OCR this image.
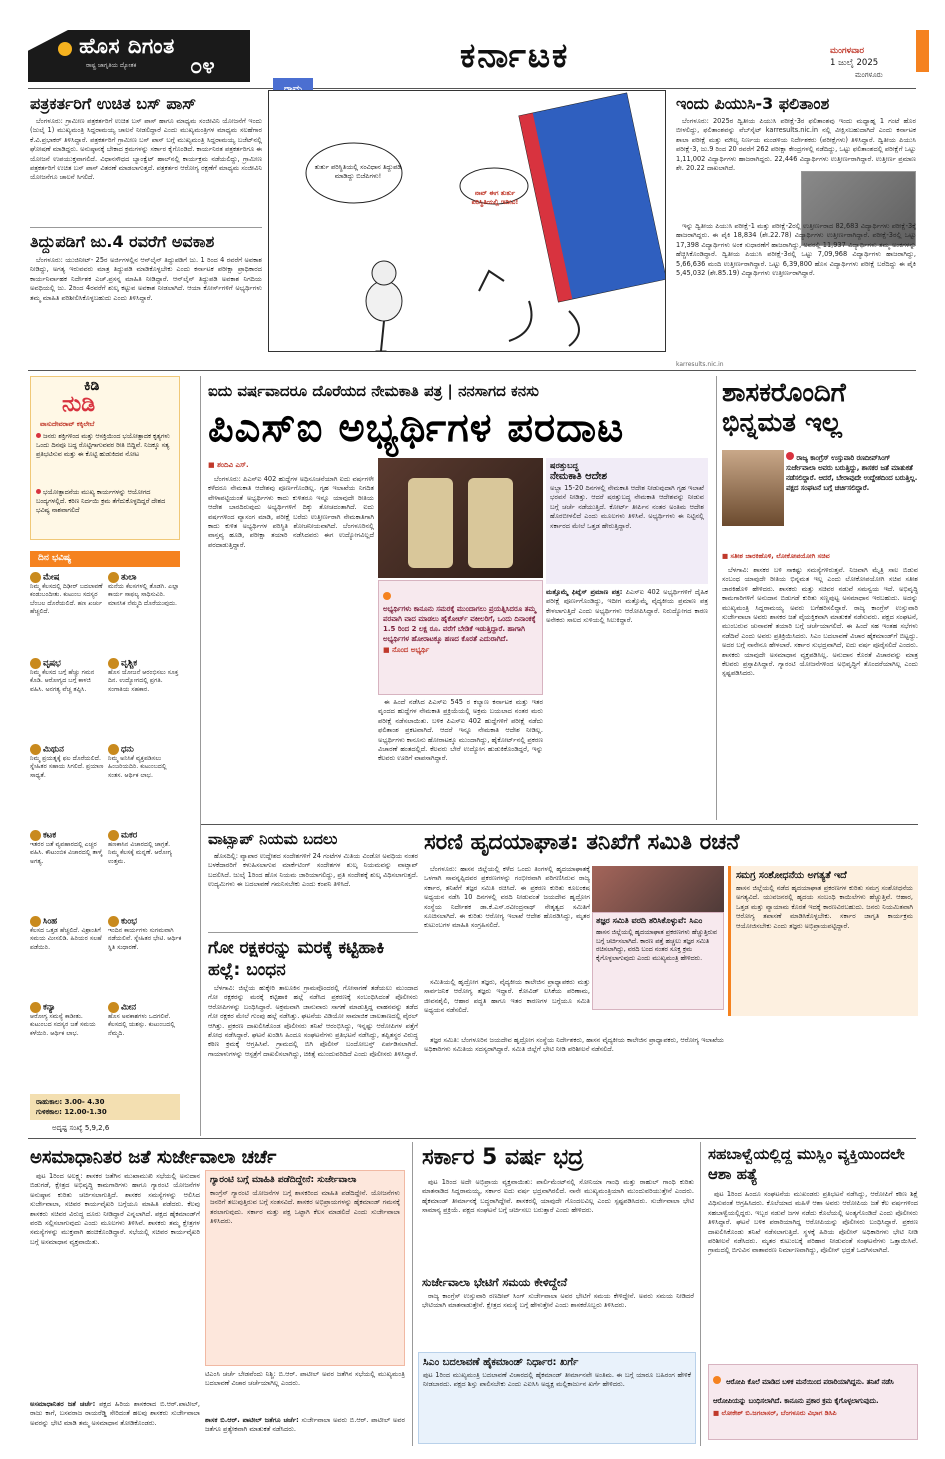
ಹೊಸ ದಿಗಂತ
ರಾಷ್ಟ್ರ ಜಾಗೃತಿಯ ದ್ಯೋತಕ ೦೪	ಕರ್ನಾಟಕ	ಮಂಗಳವಾರ
1 ಜುಲೈ 2025
ಮಂಗಳೂರು
ಪತ್ರಕರ್ತರಿಗೆ ಉಚಿತ ಬಸ್ ಪಾಸ್

ಬೆಂಗಳೂರು: ಗ್ರಾಮೀಣ ಪತ್ರಕರ್ತರಿಗೆ ಉಚಿತ ಬಸ್ ಪಾಸ್ ಹಾಗೂ ಮಾಧ್ಯಮ ಸಂಜೀವಿನಿ ಯೋಜನೆಗೆ ಇಂದು (ಜುಲೈ 1) ಮುಖ್ಯಮಂತ್ರಿ ಸಿದ್ದರಾಮಯ್ಯ ಚಾಲನೆ ನೀಡಲಿದ್ದಾರೆ ಎಂದು ಮುಖ್ಯಮಂತ್ರಿಗಳ ಮಾಧ್ಯಮ ಸಲಹೆಗಾರ ಕೆ.ವಿ.ಪ್ರಭಾಕರ್ ತಿಳಿಸಿದ್ದಾರೆ. ಪತ್ರಕರ್ತರಿಗೆ ಗ್ರಾಮೀಣ ಬಸ್ ಪಾಸ್ ಬಗ್ಗೆ ಮುಖ್ಯಮಂತ್ರಿ ಸಿದ್ದರಾಮಯ್ಯ ಬಜೆಟ್‌ನಲ್ಲಿ ಘೋಷಣೆ ಮಾಡಿದ್ದರು. ಅನುಷ್ಠಾನಕ್ಕೆ ಬೇಕಾದ ಕ್ರಮಗಳನ್ನು ಸರ್ಕಾರ ಕೈಗೊಂಡಿದೆ. ಕಾರ್ಯನಿರತ ಪತ್ರಕರ್ತರಿಗೂ ಈ ಯೋಜನೆ ಉಪಯುಕ್ತವಾಗಲಿದೆ. ವಿಧಾನಸೌಧದ ಬ್ಯಾಂಕ್ವೆಟ್ ಹಾಲ್‌ನಲ್ಲಿ ಕಾರ್ಯಕ್ರಮ ನಡೆಯಲಿದ್ದು, ಗ್ರಾಮೀಣ ಪತ್ರಕರ್ತರಿಗೆ ಉಚಿತ ಬಸ್ ಪಾಸ್ ವಿತರಣೆ ಮಾಡಲಾಗುತ್ತದೆ. ಪತ್ರಕರ್ತರ ಆರೋಗ್ಯ ರಕ್ಷಣೆಗೆ ಮಾಧ್ಯಮ ಸಂಜೀವಿನಿ ಯೋಜನೆಗೂ ಚಾಲನೆ ಸಿಗಲಿದೆ.

ತಿದ್ದುಪಡಿಗೆ ಜು.4 ರವರೆಗೆ ಅವಕಾಶ

ಬೆಂಗಳೂರು: ಯುಜಿನೀಟ್- 25ರ ಅರ್ಜಿಗಳಲ್ಲಿನ ಆನ್‌ಲೈನ್ ತಿದ್ದುಪಡಿಗೆ ಜು. 1 ರಿಂದ 4 ರವರೆಗೆ ಅವಕಾಶ ನೀಡಿದ್ದು, ಅಗತ್ಯ ಇರುವವರು ಮಾತ್ರ ತಿದ್ದುಪಡಿ ಮಾಡಿಕೊಳ್ಳಬೇಕು ಎಂದು ಕರ್ನಾಟಕ ಪರೀಕ್ಷಾ ಪ್ರಾಧಿಕಾರದ ಕಾರ್ಯನಿರ್ವಾಹಕ ನಿರ್ದೇಶಕ ಎಚ್.ಪ್ರಸನ್ನ ಮಾಹಿತಿ ನೀಡಿದ್ದಾರೆ. ಆನ್‌ಲೈನ್ ತಿದ್ದುಪಡಿ ಅವಕಾಶ ನಿಗದಿಯ ಅವಧಿಯಲ್ಲಿ ಜು. 2ರಿಂದ 4ರವರೆಗೆ ಶುಲ್ಕ ಕಟ್ಟುವ ಅವಕಾಶ ನೀಡಲಾಗಿದೆ. ಆಯಾ ಕೋರ್ಸ್‌ಗಳಿಗೆ ಅಭ್ಯರ್ಥಿಗಳು ತಮ್ಮ ಮಾಹಿತಿ ಪರಿಶೀಲಿಸಿಕೊಳ್ಳಬಹುದು ಎಂದು ತಿಳಿಸಿದ್ದಾರೆ.

ತುರ್ತು ಪರಿಸ್ಥಿತಿಯಲ್ಲಿ ಸಂವಿಧಾನ ತಿದ್ದುಪಡಿ ಮಾಡಿದ್ದು ಬಿಜೆಪಿಗಳು!
ನಾವ್ ಈಗ ತುರ್ತು ಪರಿಸ್ಥಿತಿಯಲ್ಲಿ ಇದೀವಿ!
ಇಂದು ಪಿಯುಸಿ-3 ಫಲಿತಾಂಶ

ಬೆಂಗಳೂರು: 2025ರ ದ್ವಿತೀಯ ಪಿಯುಸಿ ಪರೀಕ್ಷೆ-3ರ ಫಲಿತಾಂಶವು ಇಂದು ಮಧ್ಯಾಹ್ನ 1 ಗಂಟೆ ಹೊರ ಬೀಳಲಿದ್ದು, ಫಲಿತಾಂಶವನ್ನು ವೆಬ್‌ಸೈಟ್ karresults.nic.in ನಲ್ಲಿ ವೀಕ್ಷಿಸಬಹುದಾಗಿದೆ ಎಂದು ಕರ್ನಾಟಕ ಶಾಲಾ ಪರೀಕ್ಷೆ ಮತ್ತು ಮೌಲ್ಯ ನಿರ್ಣಯ ಮಂಡಳಿಯ ನಿರ್ದೇಶಕರು (ಪರೀಕ್ಷೆಗಳು) ತಿಳಿಸಿದ್ದಾರೆ. ದ್ವಿತೀಯ ಪಿಯುಸಿ ಪರೀಕ್ಷೆ-3, ಜು.9 ರಿಂದ 20 ರವರೆಗೆ 262 ಪರೀಕ್ಷಾ ಕೇಂದ್ರಗಳಲ್ಲಿ ನಡೆದಿದ್ದು, ಒಟ್ಟು ಫಲಿತಾಂಶದಲ್ಲಿ ಪರೀಕ್ಷೆಗೆ ಒಟ್ಟು 1,11,002 ವಿದ್ಯಾರ್ಥಿಗಳು ಹಾಜರಾಗಿದ್ದರು. 22,446 ವಿದ್ಯಾರ್ಥಿಗಳು ಉತ್ತೀರ್ಣರಾಗಿದ್ದಾರೆ. ಉತ್ತೀರ್ಣ ಪ್ರಮಾಣ ಶೇ. 20.22 ದಾಖಲಾಗಿದೆ.

ಇನ್ನು ದ್ವಿತೀಯ ಪಿಯುಸಿ ಪರೀಕ್ಷೆ-1 ಮತ್ತು ಪರೀಕ್ಷೆ-2ರಲ್ಲಿ ಉತ್ತೀರ್ಣರಾದ 82,683 ವಿದ್ಯಾರ್ಥಿಗಳು ಪರೀಕ್ಷೆ-3ಕ್ಕೆ ಹಾಜರಾಗಿದ್ದರು. ಈ ಪೈಕಿ 18,834 (ಶೇ.22.78) ವಿದ್ಯಾರ್ಥಿಗಳು ಉತ್ತೀರ್ಣರಾಗಿದ್ದಾರೆ. ಪರೀಕ್ಷೆ-3ರಲ್ಲಿ ಒಟ್ಟು 17,398 ವಿದ್ಯಾರ್ಥಿಗಳು ಅಂಕ ಸುಧಾರಣೆಗೆ ಹಾಜರಾಗಿದ್ದು, ಅವರಲ್ಲಿ 11,937 ವಿದ್ಯಾರ್ಥಿಗಳು ತಮ್ಮ ಅಂಕಗಳನ್ನು ಹೆಚ್ಚಿಸಿಕೊಂಡಿದ್ದಾರೆ. ದ್ವಿತೀಯ ಪಿಯುಸಿ ಪರೀಕ್ಷೆ-3ರಲ್ಲಿ ಒಟ್ಟು 7,09,968 ವಿದ್ಯಾರ್ಥಿಗಳು ಹಾಜರಾಗಿದ್ದು, 5,66,636 ಮಂದಿ ಉತ್ತೀರ್ಣರಾಗಿದ್ದಾರೆ. ಒಟ್ಟು 6,39,800 ಹೊಸ ವಿದ್ಯಾರ್ಥಿಗಳು ಪರೀಕ್ಷೆ ಬರೆದಿದ್ದು ಈ ಪೈಕಿ 5,45,032 (ಶೇ.85.19) ವಿದ್ಯಾರ್ಥಿಗಳು ಉತ್ತೀರ್ಣರಾಗಿದ್ದಾರೆ.

karresults.nic.in
ಕಿಡಿ
ನುಡಿ
ವಾಸುದೇವರಾವ್ ಕಕ್ಕಿಲೇಬೆ
ಜನರು ಶಕ್ತಿಗಳಿಂದ ಮತ್ತು ಆಸಕ್ತಿಯಿಂದ ಭಯೋತ್ಪಾದಕ ಕೃತ್ಯಗಳು ಒಂದು ದಿನವೂ ಬದ್ಧ ರೊಟ್ಟಿಗಾಗುವವರ ರೀತಿ ಬಿದ್ದಿವೆ. ನಿಜಕ್ಕೂ ಸತ್ಯ ಪ್ರತಿಭಟಿಸುವ ಮತ್ತು ಈ ಕೊಟ್ಟಿ ಹುಡುಕಿದವ ನೋಟ
ಭಯೋತ್ಪಾದನೆಯ ಮುಖ್ಯ ಕಾರ್ಯಗಳನ್ನು ಆಯೋಗದ ಬಂದ್ಯಗಳಲ್ಲಿದೆ. ಕಠಿಣ ನಿರ್ದಯಿ ಕ್ರಮ ತೆಗೆದುಕೊಳ್ಳದಿದ್ದರೆ ದೇಶದ ಭವಿಷ್ಯ ನಾಶವಾಗಲಿದೆ
ದಿನ ಭವಿಷ್ಯ
ಮೇಷ
ನಿಮ್ಮ ಕೆಲಸದಲ್ಲಿ ದಿಢೀರ್ ಬದಲಾವಣೆ ಕಂಡುಬಂದೀತು. ಕುಟುಂಬ ಸದಸ್ಯರ ಬೆಂಬಲ ದೊರೆಯಲಿದೆ. ಹಣ ಖರ್ಚು ಹೆಚ್ಚಲಿದೆ.
ತುಲಾ
ಮನೆಯ ಕೆಲಸಗಳಲ್ಲಿ ತೊಡಗಿ. ಎಲ್ಲಾ ಕಾರ್ಯ ಸಾಫಲ್ಯ ಸಾಧಿಸುವಿರಿ. ಮಾನಸಿಕ ನೆಮ್ಮದಿ ದೊರೆಯುವುದು.
ವೃಷಭ
ನಿಮ್ಮ ಕೆಲಸದ ಬಗ್ಗೆ ಹೆಚ್ಚು ಗಮನ ಕೊಡಿ. ಆರೋಗ್ಯದ ಬಗ್ಗೆ ಕಾಳಜಿ ವಹಿಸಿ. ಅನಗತ್ಯ ವೆಚ್ಚ ತಪ್ಪಿಸಿ.
ವೃಶ್ಚಿಕ
ಹೊಸ ಯೋಜನೆ ಆರಂಭಿಸಲು ಸೂಕ್ತ ದಿನ. ಉದ್ಯೋಗದಲ್ಲಿ ಪ್ರಗತಿ. ಸಂಗಾತಿಯ ಸಹಕಾರ.
ಮಿಥುನ
ನಿಮ್ಮ ಪ್ರಯತ್ನಕ್ಕೆ ಫಲ ದೊರೆಯಲಿದೆ. ಸ್ನೇಹಿತರ ಸಹಾಯ ಸಿಗಲಿದೆ. ಪ್ರಯಾಣ ಸಾಧ್ಯತೆ.
ಧನು
ನಿಮ್ಮ ಅನಿಸಿಕೆ ವ್ಯಕ್ತಪಡಿಸಲು ಹಿಂಜರಿಯದಿರಿ. ಕುಟುಂಬದಲ್ಲಿ ಸಂತಸ. ಆರ್ಥಿಕ ಲಾಭ.
ಕಟಕ
ಇತರರ ಜತೆ ವ್ಯವಹಾರದಲ್ಲಿ ಎಚ್ಚರ ವಹಿಸಿ. ಕೌಟುಂಬಿಕ ವಿಚಾರದಲ್ಲಿ ತಾಳ್ಮೆ ಅಗತ್ಯ.
ಮಕರ
ಹಣಕಾಸಿನ ವಿಚಾರದಲ್ಲಿ ಜಾಗ್ರತೆ. ನಿಮ್ಮ ಕೆಲಸಕ್ಕೆ ಮನ್ನಣೆ. ಆರೋಗ್ಯ ಉತ್ತಮ.
ಸಿಂಹ
ಕೆಲಸದ ಒತ್ತಡ ಹೆಚ್ಚಲಿದೆ. ವಿಶ್ರಾಂತಿಗೆ ಸಮಯ ಮೀಸಲಿಡಿ. ಹಿರಿಯರ ಸಲಹೆ ಪಡೆಯಿರಿ.
ಕುಂಭ
ಇಂದಿನ ಕಾರ್ಯಗಳು ಸುಗಮವಾಗಿ ನಡೆಯಲಿವೆ. ಸ್ನೇಹಿತರ ಭೇಟಿ. ಆರ್ಥಿಕ ಸ್ಥಿತಿ ಸುಧಾರಣೆ.
ಕನ್ಯಾ
ಆರೋಗ್ಯ ಸಮಸ್ಯೆ ಕಾಡೀತು. ಕುಟುಂಬದ ಸದಸ್ಯರ ಜತೆ ಸಮಯ ಕಳೆಯಿರಿ. ಆರ್ಥಿಕ ಲಾಭ.
ಮೀನ
ಹೊಸ ಅವಕಾಶಗಳು ಒದಗಲಿವೆ. ಕೆಲಸದಲ್ಲಿ ಯಶಸ್ಸು. ಕುಟುಂಬದಲ್ಲಿ ನೆಮ್ಮದಿ.
ರಾಹುಕಾಲ: 3.00- 4.30
ಗುಳಿಕಕಾಲ: 12.00-1.30
ಅದೃಷ್ಟ ಸಂಖ್ಯೆ 5,9,2,6
ಐದು ವರ್ಷವಾದರೂ ದೊರೆಯದ ನೇಮಕಾತಿ ಪತ್ರ | ನನಸಾಗದ ಕನಸು
ಪಿಎಸ್ಐ ಅಭ್ಯರ್ಥಿಗಳ ಪರದಾಟ
■ ಶಂದಿವಿ ಎಸ್.

ಬೆಂಗಳೂರು: ಪಿಎಸ್ಐ 402 ಹುದ್ದೆಗಳ ಅಧಿಸೂಚನೆಯಾಗಿ ಐದು ವರ್ಷಗಳೇ ಕಳೆದರೂ ನೇಮಕಾತಿ ಆದೇಶವು ಪೂರ್ಣಗೊಂಡಿಲ್ಲ. ಗೃಹ ಇಲಾಖೆಯ ನಿಗದಿತ ವೇಳಾಪಟ್ಟಿಯಂತೆ ಅಭ್ಯರ್ಥಿಗಳು ಕಾದು ಕುಳಿತರೂ ಇನ್ನೂ ಯಾವುದೇ ರೀತಿಯ ಆದೇಶ ಬಾರದಿರುವುದು ಅಭ್ಯರ್ಥಿಗಳಿಗೆ ದಿಕ್ಕು ತೋಚದಂತಾಗಿದೆ. ಐದು ವರ್ಷಗಳಿಂದ ವ್ಯಾಸಂಗ ಮಾಡಿ, ಪರೀಕ್ಷೆ ಬರೆದು ಉತ್ತೀರ್ಣರಾಗಿ ನೇಮಕಾತಿಗಾಗಿ ಕಾದು ಕುಳಿತ ಅಭ್ಯರ್ಥಿಗಳ ಪರಿಸ್ಥಿತಿ ಶೋಚನೀಯವಾಗಿದೆ. ಬೆಂಗಳೂರಿನಲ್ಲಿ ವಾಸ್ತವ್ಯ ಹೂಡಿ, ಪರೀಕ್ಷಾ ತಯಾರಿ ನಡೆಸಿದವರು ಈಗ ಉದ್ಯೋಗವಿಲ್ಲದೆ ಪರದಾಡುತ್ತಿದ್ದಾರೆ.

ಅಭ್ಯರ್ಥಿಗಳು ಕಾನೂನು ಸಮರಕ್ಕೆ ಮುಂದಾಗಲು ಪ್ರಯತ್ನಿಸಿದರೂ ತಮ್ಮ ಪರವಾಗಿ ವಾದ ಮಾಡಲು ಹೈಕೋರ್ಟ್ ವಕೀಲರಿಗೆ, ಒಂದು ದಿನಾಂಕಕ್ಕೆ 1.5 ರಿಂದ 2 ಲಕ್ಷ ರೂ. ವರೆಗೆ ಬೇಡಿಕೆ ಇಡುತ್ತಿದ್ದಾರೆ. ಹಾಗಾಗಿ ಅಭ್ಯರ್ಥಿಗಳ ಹೋರಾಟಕ್ಕೂ ಹಣದ ಕೊರತೆ ಎದುರಾಗಿದೆ.
■ ನೊಂದ ಅಭ್ಯರ್ಥಿ

ಈ ಹಿಂದೆ ನಡೆಸಿದ ಪಿಎಸ್ಐ 545 ರ ಕಲ್ಯಾಣ ಕರ್ನಾಟಕ ಮತ್ತು ಇತರ ವೃಂದದ ಹುದ್ದೆಗಳ ನೇಮಕಾತಿ ಪ್ರಕ್ರಿಯೆಯಲ್ಲಿ ಅಕ್ರಮ ಬಯಲಾದ ನಂತರ ಮರು ಪರೀಕ್ಷೆ ನಡೆಸಲಾಯಿತು. ಬಳಿಕ ಪಿಎಸ್ಐ 402 ಹುದ್ದೆಗಳಿಗೆ ಪರೀಕ್ಷೆ ನಡೆದು ಫಲಿತಾಂಶ ಪ್ರಕಟವಾಗಿದೆ. ಆದರೆ ಇನ್ನೂ ನೇಮಕಾತಿ ಆದೇಶ ನೀಡಿಲ್ಲ. ಅಭ್ಯರ್ಥಿಗಳು ಕಾನೂನು ಹೋರಾಟಕ್ಕೂ ಮುಂದಾಗಿದ್ದು, ಹೈಕೋರ್ಟ್‌ನಲ್ಲಿ ಪ್ರಕರಣ ವಿಚಾರಣೆ ಹಂತದಲ್ಲಿದೆ. ಕೆಲವರು ಬೇರೆ ಉದ್ಯೋಗ ಹುಡುಕಿಕೊಂಡಿದ್ದರೆ, ಇನ್ನು ಕೆಲವರು ಊರಿಗೆ ವಾಪಸಾಗಿದ್ದಾರೆ.

ಷರತ್ತುಬದ್ಧ
ನೇಮಕಾತಿ ಆದೇಶ
ಅಬ್ಬಾ 15-20 ದಿನಗಳಲ್ಲಿ ನೇಮಕಾತಿ ಆದೇಶ ನೀಡುವುದಾಗಿ ಗೃಹ ಇಲಾಖೆ ಭರವಸೆ ನೀಡಿತ್ತು. ಆದರೆ ಷರತ್ತುಬದ್ಧ ನೇಮಕಾತಿ ಆದೇಶವನ್ನು ನೀಡುವ ಬಗ್ಗೆ ಚರ್ಚೆ ನಡೆಯುತ್ತಿದೆ. ಕೋರ್ಟ್ ತೀರ್ಪಿನ ನಂತರ ಅಂತಿಮ ಆದೇಶ ಹೊರಬೀಳಲಿದೆ ಎಂದು ಮೂಲಗಳು ತಿಳಿಸಿವೆ. ಅಭ್ಯರ್ಥಿಗಳು ಈ ನಿಟ್ಟಿನಲ್ಲಿ ಸರ್ಕಾರದ ಮೇಲೆ ಒತ್ತಡ ಹೇರುತ್ತಿದ್ದಾರೆ.
ಮತ್ತೊಮ್ಮೆ ಫಿಟ್ನೆಸ್ ಪ್ರಮಾಣ ಪತ್ರ: ಪಿಎಸ್ಐ 402 ಅಭ್ಯರ್ಥಿಗಳಿಗೆ ದೈಹಿಕ ಪರೀಕ್ಷೆ ಪೂರ್ಣಗೊಂಡಿದ್ದು, ಇದೀಗ ಮತ್ತೊಮ್ಮೆ ವೈದ್ಯಕೀಯ ಪ್ರಮಾಣ ಪತ್ರ ಕೇಳಲಾಗುತ್ತಿದೆ ಎಂದು ಅಭ್ಯರ್ಥಿಗಳು ಆರೋಪಿಸಿದ್ದಾರೆ. ನಿರುದ್ಯೋಗದ ಕಾರಣ ಅನೇಕರು ಸಾಲದ ಸುಳಿಯಲ್ಲಿ ಸಿಲುಕಿದ್ದಾರೆ.
ಶಾಸಕರೊಂದಿಗೆ ಭಿನ್ನಮತ ಇಲ್ಲ
ರಾಜ್ಯ ಕಾಂಗ್ರೆಸ್ ಉಸ್ತುವಾರಿ ರಣದೀಪ್‌ಸಿಂಗ್ ಸುರ್ಜೇವಾಲಾ ಅವರು ಬರುತ್ತಿದ್ದು, ಶಾಸಕರ ಜತೆ ಮಾತುಕತೆ ನಡೆಸಲಿದ್ದಾರೆ. ಆದರೆ, ಬೇರಾವುದೇ ಉದ್ದೇಶದಿಂದ ಬರುತ್ತಿಲ್ಲ. ಪಕ್ಷದ ಸಂಘಟನೆ ಬಗ್ಗೆ ಚರ್ಚಿಸಲಿದ್ದಾರೆ.
■ ಸತೀಶ ಜಾರಕಿಹೊಳಿ, ಲೋಕೋಪಯೋಗಿ ಸಚಿವ

ಬೆಳಗಾವಿ: ಶಾಸಕರ ಬಳಿ ಸಾಕಷ್ಟು ಸಮಸ್ಯೆಗಳಿರುತ್ತವೆ. ನಿಜವಾಗಿ ಮೈತ್ರಿ ಸಾಲ ಬಿಡುವ ಸಂಬಂಧ ಯಾವುದೇ ರೀತಿಯ ಭಿನ್ನಮತ ಇಲ್ಲ ಎಂದು ಲೋಕೋಪಯೋಗಿ ಸಚಿವ ಸತೀಶ ಜಾರಕಿಹೊಳಿ ಹೇಳಿದರು. ಶಾಸಕರು ಮತ್ತು ಸಚಿವರ ನಡುವೆ ಸಮನ್ವಯ ಇದೆ. ಅಭಿವೃದ್ಧಿ ಕಾಮಗಾರಿಗಳಿಗೆ ಅನುದಾನ ಬಿಡುಗಡೆ ಕುರಿತು ಸಣ್ಣಪುಟ್ಟ ಅಸಮಾಧಾನ ಇರಬಹುದು. ಅದನ್ನು ಮುಖ್ಯಮಂತ್ರಿ ಸಿದ್ದರಾಮಯ್ಯ ಅವರು ಬಗೆಹರಿಸಲಿದ್ದಾರೆ. ರಾಜ್ಯ ಕಾಂಗ್ರೆಸ್ ಉಸ್ತುವಾರಿ ಸುರ್ಜೇವಾಲಾ ಅವರು ಶಾಸಕರ ಜತೆ ವೈಯಕ್ತಿಕವಾಗಿ ಮಾತುಕತೆ ನಡೆಸುವರು. ಪಕ್ಷದ ಸಂಘಟನೆ, ಮುಂಬರುವ ಚುನಾವಣೆ ತಯಾರಿ ಬಗ್ಗೆ ಚರ್ಚೆಯಾಗಲಿದೆ. ಈ ಹಿಂದೆ ಸಹ ಇಂತಹ ಸಭೆಗಳು ನಡೆದಿವೆ ಎಂದು ಅವರು ಪ್ರತಿಕ್ರಿಯಿಸಿದರು. ಸಿಎಂ ಬದಲಾವಣೆ ವಿಚಾರ ಹೈಕಮಾಂಡ್‌ಗೆ ಬಿಟ್ಟದ್ದು. ಅದರ ಬಗ್ಗೆ ನಾನೇನೂ ಹೇಳಲಾರೆ. ಸರ್ಕಾರ ಸುಭದ್ರವಾಗಿದೆ, ಐದು ವರ್ಷ ಪೂರೈಸಲಿದೆ ಎಂದರು. ಶಾಸಕರು ಯಾವುದೇ ಅಸಮಾಧಾನ ವ್ಯಕ್ತಪಡಿಸಿಲ್ಲ. ಅನುದಾನ ಕೊರತೆ ವಿಚಾರವನ್ನು ಮಾತ್ರ ಕೆಲವರು ಪ್ರಸ್ತಾಪಿಸಿದ್ದಾರೆ. ಗ್ಯಾರಂಟಿ ಯೋಜನೆಗಳಿಂದ ಅಭಿವೃದ್ಧಿಗೆ ತೊಂದರೆಯಾಗಿಲ್ಲ ಎಂದು ಸ್ಪಷ್ಟಪಡಿಸಿದರು.

ವಾಟ್ಸಾಪ್ ನಿಯಮ ಬದಲು

ಹೊಸದಿಲ್ಲಿ: ವ್ಯಾಪಾರ ಉದ್ದೇಶದ ಸಂದೇಶಗಳಿಗೆ 24 ಗಂಟೆಗಳ ಮಿತಿಯ ವಿಂಡೋ ಅವಧಿಯ ನಂತರ ಬಳಕೆದಾರರಿಗೆ ಕಳುಹಿಸಲಾಗುವ ಮಾರ್ಕೆಟಿಂಗ್ ಸಂದೇಶಗಳ ಶುಲ್ಕ ನಿಯಮವನ್ನು ವಾಟ್ಸಾಪ್ ಬದಲಿಸಿದೆ. ಜುಲೈ 1ರಿಂದ ಹೊಸ ನಿಯಮ ಜಾರಿಯಾಗಲಿದ್ದು, ಪ್ರತಿ ಸಂದೇಶಕ್ಕೆ ಶುಲ್ಕ ವಿಧಿಸಲಾಗುತ್ತದೆ. ಉದ್ಯಮಿಗಳು ಈ ಬದಲಾವಣೆ ಗಮನಿಸಬೇಕು ಎಂದು ಕಂಪನಿ ತಿಳಿಸಿದೆ.

ಗೋ ರಕ್ಷಕರನ್ನು ಮರಕ್ಕೆ ಕಟ್ಟಿಹಾಕಿ ಹಲ್ಲೆ: ಬಂಧನ

ಬೆಳಗಾವಿ: ಜಿಲ್ಲೆಯ ಹುಕ್ಕೇರಿ ತಾಲೂಕಿನ ಗ್ರಾಮವೊಂದರಲ್ಲಿ ಗೋಸಾಗಣೆ ತಡೆಯಲು ಮುಂದಾದ ಗೋ ರಕ್ಷಕರನ್ನು ಮರಕ್ಕೆ ಕಟ್ಟಿಹಾಕಿ ಹಲ್ಲೆ ನಡೆಸಿದ ಪ್ರಕರಣಕ್ಕೆ ಸಂಬಂಧಿಸಿದಂತೆ ಪೊಲೀಸರು ಆರೋಪಿಗಳನ್ನು ಬಂಧಿಸಿದ್ದಾರೆ. ಅಕ್ರಮವಾಗಿ ಜಾನುವಾರು ಸಾಗಣೆ ಮಾಡುತ್ತಿದ್ದ ವಾಹನವನ್ನು ತಡೆದ ಗೋ ರಕ್ಷಕರ ಮೇಲೆ ಗುಂಪು ಹಲ್ಲೆ ನಡೆಸಿತ್ತು. ಘಟನೆಯ ವಿಡಿಯೋ ಸಾಮಾಜಿಕ ಜಾಲತಾಣದಲ್ಲಿ ವೈರಲ್ ಆಗಿತ್ತು. ಪ್ರಕರಣ ದಾಖಲಿಸಿಕೊಂಡ ಪೊಲೀಸರು ತನಿಖೆ ಆರಂಭಿಸಿದ್ದು, ಇನ್ನಷ್ಟು ಆರೋಪಿಗಳ ಪತ್ತೆಗೆ ಶೋಧ ನಡೆಸಿದ್ದಾರೆ. ಘಟನೆ ಖಂಡಿಸಿ ಹಿಂದೂ ಸಂಘಟನೆಗಳು ಪ್ರತಿಭಟನೆ ನಡೆಸಿದ್ದು, ತಪ್ಪಿತಸ್ಥರ ವಿರುದ್ಧ ಕಠಿಣ ಕ್ರಮಕ್ಕೆ ಆಗ್ರಹಿಸಿವೆ. ಗ್ರಾಮದಲ್ಲಿ ಬಿಗಿ ಪೊಲೀಸ್ ಬಂದೋಬಸ್ತ್ ಏರ್ಪಡಿಸಲಾಗಿದೆ. ಗಾಯಾಳುಗಳನ್ನು ಆಸ್ಪತ್ರೆಗೆ ದಾಖಲಿಸಲಾಗಿದ್ದು, ಚಿಕಿತ್ಸೆ ಮುಂದುವರಿದಿದೆ ಎಂದು ಪೊಲೀಸರು ತಿಳಿಸಿದ್ದಾರೆ.

ಸರಣಿ ಹೃದಯಾಘಾತ: ತನಿಖೆಗೆ ಸಮಿತಿ ರಚನೆ

ಬೆಂಗಳೂರು: ಹಾಸನ ಜಿಲ್ಲೆಯಲ್ಲಿ ಕಳೆದ ಒಂದು ತಿಂಗಳಲ್ಲಿ ಹೃದಯಾಘಾತಕ್ಕೆ ಒಳಗಾಗಿ ಸಾವನ್ನಪ್ಪಿದವರ ಪ್ರಕರಣಗಳನ್ನು ಗಂಭೀರವಾಗಿ ಪರಿಗಣಿಸಿರುವ ರಾಜ್ಯ ಸರ್ಕಾರ, ತನಿಖೆಗೆ ತಜ್ಞರ ಸಮಿತಿ ರಚಿಸಿದೆ. ಈ ಪ್ರಕರಣ ಕುರಿತು ಕೂಲಂಕಷ ಅಧ್ಯಯನ ನಡೆಸಿ 10 ದಿನಗಳಲ್ಲಿ ವರದಿ ನೀಡುವಂತೆ ಜಯದೇವ ಹೃದ್ರೋಗ ಸಂಸ್ಥೆಯ ನಿರ್ದೇಶಕ ಡಾ.ಕೆ.ಎಸ್.ರವೀಂದ್ರನಾಥ್ ನೇತೃತ್ವದ ಸಮಿತಿಗೆ ಸೂಚಿಸಲಾಗಿದೆ. ಈ ಕುರಿತು ಆರೋಗ್ಯ ಇಲಾಖೆ ಆದೇಶ ಹೊರಡಿಸಿದ್ದು, ಮೃತರ ಕುಟುಂಬಗಳ ಮಾಹಿತಿ ಸಂಗ್ರಹಿಸಲಿದೆ.

ತಜ್ಞರ ಸಮಿತಿ ವರದಿ ತರಿಸಿಕೊಳ್ಳುವೆ: ಸಿಎಂ
ಹಾಸನ ಜಿಲ್ಲೆಯಲ್ಲಿ ಹೃದಯಾಘಾತ ಪ್ರಕರಣಗಳು ಹೆಚ್ಚುತ್ತಿರುವ ಬಗ್ಗೆ ಚರ್ಚಿಸಲಾಗಿದೆ. ಕಾರಣ ಪತ್ತೆ ಹಚ್ಚಲು ತಜ್ಞರ ಸಮಿತಿ ರಚಿಸಲಾಗಿದ್ದು, ವರದಿ ಬಂದ ನಂತರ ಸೂಕ್ತ ಕ್ರಮ ಕೈಗೊಳ್ಳಲಾಗುವುದು ಎಂದು ಮುಖ್ಯಮಂತ್ರಿ ಹೇಳಿದರು.

ಸಮಿತಿಯಲ್ಲಿ ಹೃದ್ರೋಗ ತಜ್ಞರು, ವೈದ್ಯಕೀಯ ಕಾಲೇಜಿನ ಪ್ರಾಧ್ಯಾಪಕರು ಮತ್ತು ಸಾರ್ವಜನಿಕ ಆರೋಗ್ಯ ತಜ್ಞರು ಇದ್ದಾರೆ. ಕೋವಿಡ್ ಲಸಿಕೆಯ ಪರಿಣಾಮ, ಜೀವನಶೈಲಿ, ಆಹಾರ ಪದ್ಧತಿ ಹಾಗೂ ಇತರ ಕಾರಣಗಳ ಬಗ್ಗೆಯೂ ಸಮಿತಿ ಅಧ್ಯಯನ ನಡೆಸಲಿದೆ.

ತಜ್ಞರ ಸಮಿತಿ: ಬೆಂಗಳೂರಿನ ಜಯದೇವ ಹೃದ್ರೋಗ ಸಂಸ್ಥೆಯ ನಿರ್ದೇಶಕರು, ಹಾಸನ ವೈದ್ಯಕೀಯ ಕಾಲೇಜಿನ ಪ್ರಾಧ್ಯಾಪಕರು, ಆರೋಗ್ಯ ಇಲಾಖೆಯ ಅಧಿಕಾರಿಗಳು ಸಮಿತಿಯ ಸದಸ್ಯರಾಗಿದ್ದಾರೆ. ಸಮಿತಿ ಜಿಲ್ಲೆಗೆ ಭೇಟಿ ನೀಡಿ ಪರಿಶೀಲನೆ ನಡೆಸಲಿದೆ.

ಸಮಗ್ರ ಸಂಶೋಧನೆಯ ಅಗತ್ಯತೆ ಇದೆ
ಹಾಸನ ಜಿಲ್ಲೆಯಲ್ಲಿ ನಡೆದ ಹೃದಯಾಘಾತ ಪ್ರಕರಣಗಳ ಕುರಿತು ಸಮಗ್ರ ಸಂಶೋಧನೆಯ ಅಗತ್ಯವಿದೆ. ಯುವಜನರಲ್ಲಿ ಹೃದಯ ಸಂಬಂಧಿ ಕಾಯಿಲೆಗಳು ಹೆಚ್ಚುತ್ತಿವೆ. ಆಹಾರ, ಒತ್ತಡ ಮತ್ತು ವ್ಯಾಯಾಮ ಕೊರತೆ ಇದಕ್ಕೆ ಕಾರಣವಿರಬಹುದು. ಜನರು ನಿಯಮಿತವಾಗಿ ಆರೋಗ್ಯ ತಪಾಸಣೆ ಮಾಡಿಸಿಕೊಳ್ಳಬೇಕು. ಸರ್ಕಾರ ಜಾಗೃತಿ ಕಾರ್ಯಕ್ರಮ ಆಯೋಜಿಸಬೇಕು ಎಂದು ತಜ್ಞರು ಅಭಿಪ್ರಾಯಪಟ್ಟಿದ್ದಾರೆ.
ಅಸಮಾಧಾನಿತರ ಜತೆ ಸುರ್ಜೇವಾಲಾ ಚರ್ಚೆ

ಪುಟ 1ರಿಂದ ಅಲಕ್ಷ್ಯ: ಶಾಸಕರ ಜತೆಗಿನ ಮುಖಾಮುಖಿ ಸಭೆಯಲ್ಲಿ ಅನುದಾನ ಬಿಡುಗಡೆ, ಕ್ಷೇತ್ರದ ಅಭಿವೃದ್ಧಿ ಕಾಮಗಾರಿಗಳು ಹಾಗೂ ಗ್ಯಾರಂಟಿ ಯೋಜನೆಗಳ ಅನುಷ್ಠಾನ ಕುರಿತು ಚರ್ಚಿಸಲಾಗುತ್ತಿದೆ. ಶಾಸಕರ ಸಮಸ್ಯೆಗಳನ್ನು ಆಲಿಸಿದ ಸುರ್ಜೇವಾಲಾ, ಸಚಿವರ ಕಾರ್ಯವೈಖರಿ ಬಗ್ಗೆಯೂ ಮಾಹಿತಿ ಪಡೆದರು. ಕೆಲವು ಶಾಸಕರು ಸಚಿವರ ವಿರುದ್ಧ ದೂರು ನೀಡಿದ್ದಾರೆ ಎನ್ನಲಾಗಿದೆ. ಪಕ್ಷದ ಹೈಕಮಾಂಡ್‌ಗೆ ವರದಿ ಸಲ್ಲಿಸಲಾಗುವುದು ಎಂದು ಮೂಲಗಳು ತಿಳಿಸಿವೆ. ಶಾಸಕರು ತಮ್ಮ ಕ್ಷೇತ್ರಗಳ ಸಮಸ್ಯೆಗಳನ್ನು ಮುಕ್ತವಾಗಿ ಹಂಚಿಕೊಂಡಿದ್ದಾರೆ. ಸಭೆಯಲ್ಲಿ ಸಚಿವರ ಕಾರ್ಯವೈಖರಿ ಬಗ್ಗೆ ಅಸಮಾಧಾನ ವ್ಯಕ್ತವಾಯಿತು.

ಅಸಮಾಧಾನಿತರ ಜತೆ ಚರ್ಚೆ: ಪಕ್ಷದ ಹಿರಿಯ ಶಾಸಕರಾದ ಬಿ.ಆರ್.ಪಾಟೀಲ್, ರಾಜು ಕಾಗೆ, ಬಸವರಾಜ ರಾಯರೆಡ್ಡಿ ಸೇರಿದಂತೆ ಹಲವು ಶಾಸಕರು ಸುರ್ಜೇವಾಲಾ ಅವರನ್ನು ಭೇಟಿ ಮಾಡಿ ತಮ್ಮ ಅಸಮಾಧಾನ ತೋಡಿಕೊಂಡರು.
ಗ್ಯಾರಂಟಿ ಬಗ್ಗೆ ಮಾಹಿತಿ ಪಡೆದಿದ್ದೇನೆ: ಸುರ್ಜೇವಾಲಾ
ಕಾಂಗ್ರೆಸ್ ಗ್ಯಾರಂಟಿ ಯೋಜನೆಗಳ ಬಗ್ಗೆ ಶಾಸಕರಿಂದ ಮಾಹಿತಿ ಪಡೆದಿದ್ದೇನೆ. ಯೋಜನೆಗಳು ಜನರಿಗೆ ತಲುಪುತ್ತಿರುವ ಬಗ್ಗೆ ಸಂತಸವಿದೆ. ಶಾಸಕರ ಅಭಿಪ್ರಾಯಗಳನ್ನು ಹೈಕಮಾಂಡ್ ಗಮನಕ್ಕೆ ತರಲಾಗುವುದು. ಸರ್ಕಾರ ಮತ್ತು ಪಕ್ಷ ಒಟ್ಟಾಗಿ ಕೆಲಸ ಮಾಡಲಿದೆ ಎಂದು ಸುರ್ಜೇವಾಲಾ ತಿಳಿಸಿದರು.
ಟಿಎಂಸಿ ಚರ್ಚೆ ಬೇಡವೆಂದು ನಿಶ್ಚಿ: ಬಿ.ಆರ್. ಪಾಟೀಲ್ ಅವರ ಜತೆಗಿನ ಸಭೆಯಲ್ಲಿ ಮುಖ್ಯಮಂತ್ರಿ ಬದಲಾವಣೆ ವಿಚಾರ ಚರ್ಚೆಯಾಗಿಲ್ಲ ಎಂದರು.
ಶಾಸಕ ಬಿ.ಆರ್. ಪಾಟೀಲ್ ಜತೆಗೂ ಚರ್ಚೆ: ಸುರ್ಜೇವಾಲಾ ಅವರು ಬಿ.ಆರ್. ಪಾಟೀಲ್ ಅವರ ಜತೆಗೂ ಪ್ರತ್ಯೇಕವಾಗಿ ಮಾತುಕತೆ ನಡೆಸಿದರು.
ಸರ್ಕಾರ 5 ವರ್ಷ ಭದ್ರ

ಪುಟ 1ರಿಂದ ಅದೇ ಅಭಿಪ್ರಾಯ ವ್ಯಕ್ತವಾಯಿತು: ಪಾರ್ಲಿಮೆಂಟ್‌ನಲ್ಲಿ ಸೋನಿಯಾ ಗಾಂಧಿ ಮತ್ತು ರಾಹುಲ್ ಗಾಂಧಿ ಕುರಿತು ಮಾತನಾಡಿದ ಸಿದ್ದರಾಮಯ್ಯ, ಸರ್ಕಾರ ಐದು ವರ್ಷ ಭದ್ರವಾಗಿರಲಿದೆ. ನಾನೇ ಮುಖ್ಯಮಂತ್ರಿಯಾಗಿ ಮುಂದುವರಿಯುತ್ತೇನೆ ಎಂದರು. ಹೈಕಮಾಂಡ್ ತೀರ್ಮಾನಕ್ಕೆ ಬದ್ಧರಾಗಿದ್ದೇವೆ. ಶಾಸಕರಲ್ಲಿ ಯಾವುದೇ ಗೊಂದಲವಿಲ್ಲ ಎಂದು ಸ್ಪಷ್ಟಪಡಿಸಿದರು. ಸುರ್ಜೇವಾಲಾ ಭೇಟಿ ಸಾಮಾನ್ಯ ಪ್ರಕ್ರಿಯೆ. ಪಕ್ಷದ ಸಂಘಟನೆ ಬಗ್ಗೆ ಚರ್ಚಿಸಲು ಬರುತ್ತಾರೆ ಎಂದು ಹೇಳಿದರು.

ಸುರ್ಜೇವಾಲಾ ಭೇಟಿಗೆ ಸಮಯ ಕೇಳಿದ್ದೇನೆ

ರಾಜ್ಯ ಕಾಂಗ್ರೆಸ್ ಉಸ್ತುವಾರಿ ರಣದೀಪ್ ಸಿಂಗ್ ಸುರ್ಜೇವಾಲಾ ಅವರ ಭೇಟಿಗೆ ಸಮಯ ಕೇಳಿದ್ದೇನೆ. ಅವರು ಸಮಯ ನೀಡಿದರೆ ಭೇಟಿಯಾಗಿ ಮಾತನಾಡುತ್ತೇನೆ. ಕ್ಷೇತ್ರದ ಸಮಸ್ಯೆ ಬಗ್ಗೆ ಹೇಳುತ್ತೇನೆ ಎಂದು ಶಾಸಕರೊಬ್ಬರು ತಿಳಿಸಿದರು.

ಸಿಎಂ ಬದಲಾವಣೆ ಹೈಕಮಾಂಡ್ ನಿರ್ಧಾರ: ಖರ್ಗೆ
ಪುಟ 1ರಿಂದ ಮುಖ್ಯಮಂತ್ರಿ ಬದಲಾವಣೆ ವಿಚಾರದಲ್ಲಿ ಹೈಕಮಾಂಡ್ ತೀರ್ಮಾನವೇ ಅಂತಿಮ. ಈ ಬಗ್ಗೆ ಯಾರೂ ಬಹಿರಂಗ ಹೇಳಿಕೆ ನೀಡಬಾರದು. ಪಕ್ಷದ ಶಿಸ್ತು ಪಾಲಿಸಬೇಕು ಎಂದು ಎಐಸಿಸಿ ಅಧ್ಯಕ್ಷ ಮಲ್ಲಿಕಾರ್ಜುನ ಖರ್ಗೆ ಹೇಳಿದರು.
ಸಹಬಾಳ್ವೆಯಲ್ಲಿದ್ದ ಮುಸ್ಲಿಂ ವ್ಯಕ್ತಿಯಿಂದಲೇ ಆಶಾ ಹತ್ಯೆ

ಪುಟ 1ರಿಂದ ಹಿಂದೂ ಸಂಘಟನೆಯ ಮುಖಂಡರು ಪ್ರತಿಭಟನೆ ನಡೆಸಿದ್ದು, ಆರೋಪಿಗೆ ಕಠಿಣ ಶಿಕ್ಷೆ ವಿಧಿಸುವಂತೆ ಆಗ್ರಹಿಸಿದರು. ಕೊಲೆಯಾದ ಮಹಿಳೆ ಆಶಾ ಅವರು ಆರೋಪಿಯ ಜತೆ ಕೆಲ ವರ್ಷಗಳಿಂದ ಸಹಬಾಳ್ವೆಯಲ್ಲಿದ್ದರು. ಇಬ್ಬರ ನಡುವೆ ಜಗಳ ನಡೆದು ಕೊಲೆಯಲ್ಲಿ ಅಂತ್ಯಗೊಂಡಿದೆ ಎಂದು ಪೊಲೀಸರು ತಿಳಿಸಿದ್ದಾರೆ. ಘಟನೆ ಬಳಿಕ ಪರಾರಿಯಾಗಿದ್ದ ಆರೋಪಿಯನ್ನು ಪೊಲೀಸರು ಬಂಧಿಸಿದ್ದಾರೆ. ಪ್ರಕರಣ ದಾಖಲಿಸಿಕೊಂಡು ತನಿಖೆ ನಡೆಸಲಾಗುತ್ತಿದೆ. ಸ್ಥಳಕ್ಕೆ ಹಿರಿಯ ಪೊಲೀಸ್ ಅಧಿಕಾರಿಗಳು ಭೇಟಿ ನೀಡಿ ಪರಿಶೀಲನೆ ನಡೆಸಿದರು. ಮೃತರ ಕುಟುಂಬಕ್ಕೆ ಪರಿಹಾರ ನೀಡುವಂತೆ ಸಂಘಟನೆಗಳು ಒತ್ತಾಯಿಸಿವೆ. ಗ್ರಾಮದಲ್ಲಿ ಬಿಗುವಿನ ವಾತಾವರಣ ನಿರ್ಮಾಣವಾಗಿದ್ದು, ಪೊಲೀಸ್ ಭದ್ರತೆ ಒದಗಿಸಲಾಗಿದೆ.

ಆರೋಪಿ ಕೊಲೆ ಮಾಡಿದ ಬಳಿಕ ಮನೆಯಿಂದ ಪರಾರಿಯಾಗಿದ್ದನು. ತನಿಖೆ ನಡೆಸಿ ಆರೋಪಿಯನ್ನು ಬಂಧಿಸಲಾಗಿದೆ. ಕಾನೂನು ಪ್ರಕಾರ ಕ್ರಮ ಕೈಗೊಳ್ಳಲಾಗುವುದು.
■ ಲೋಕೇಶ್ ಬಿ.ಜಗಲಾಸರ್, ಬೆಂಗಳೂರು ವಿಭಾಗ ಡಿಸಿಪಿ
